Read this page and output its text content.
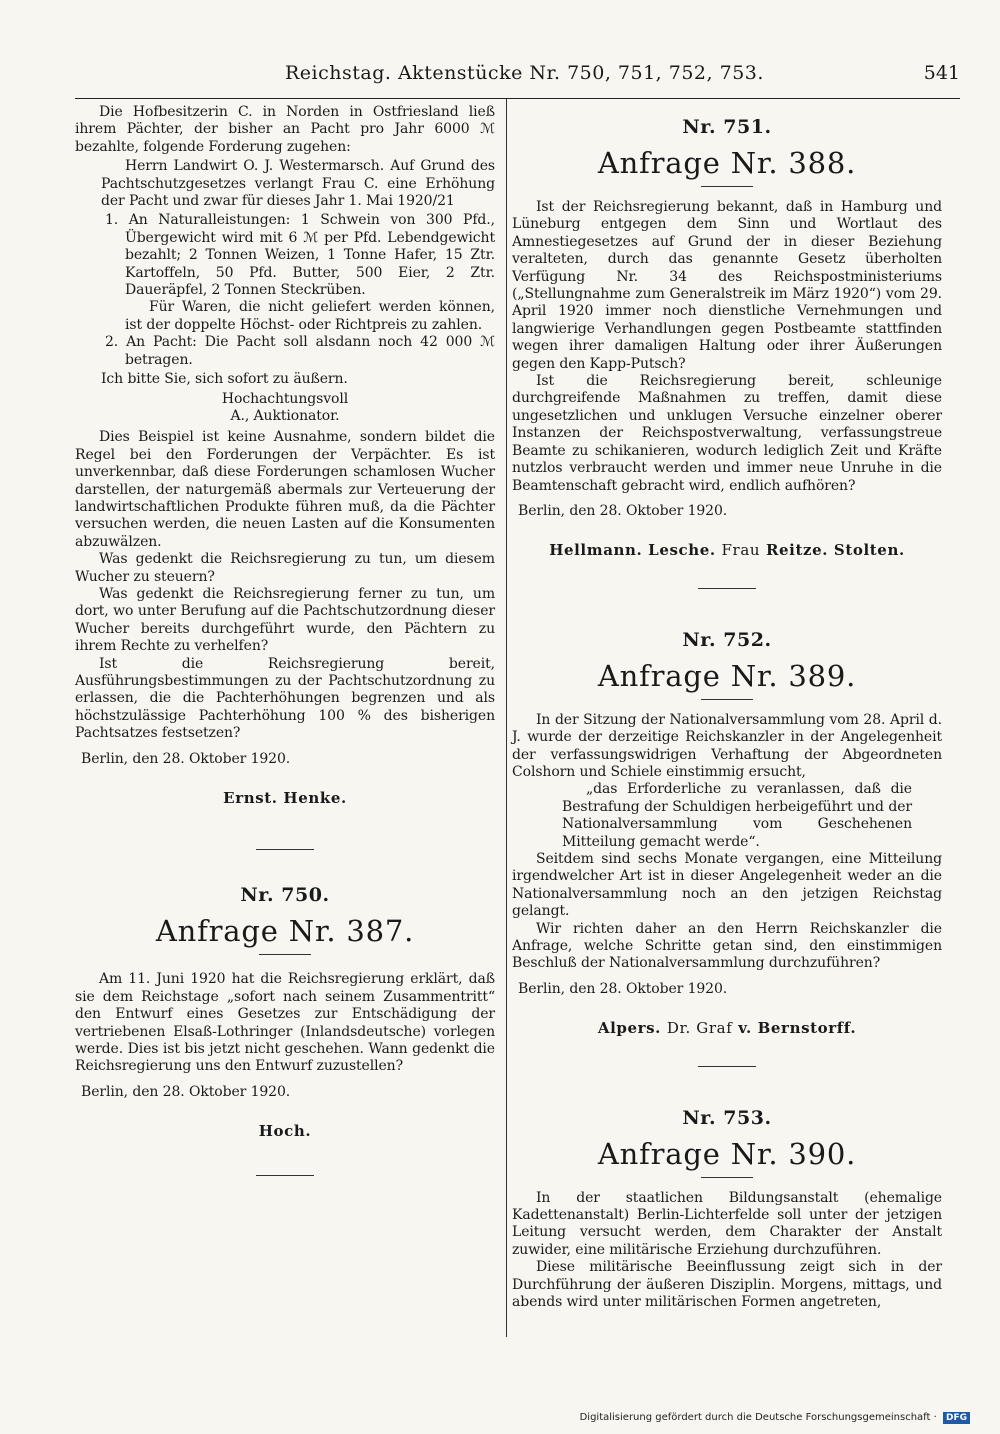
Reichstag. Aktenstücke Nr. 750, 751, 752, 753.	541

Die Hofbesitzerin C. in Norden in Ostfriesland ließ ihrem Pächter, der bisher an Pacht pro Jahr 6000 ℳ bezahlte, folgende Forderung zugehen:

Herrn Landwirt O. J. Westermarsch. Auf Grund des Pachtschutzgesetzes verlangt Frau C. eine Erhöhung der Pacht und zwar für dieses Jahr 1. Mai 1920/21

1. An Naturalleistungen: 1 Schwein von 300 Pfd., Übergewicht wird mit 6 ℳ per Pfd. Lebendgewicht bezahlt; 2 Tonnen Weizen, 1 Tonne Hafer, 15 Ztr. Kartoffeln, 50 Pfd. Butter, 500 Eier, 2 Ztr. Daueräpfel, 2 Tonnen Steckrüben.

Für Waren, die nicht geliefert werden können, ist der doppelte Höchst- oder Richtpreis zu zahlen.

2. An Pacht: Die Pacht soll alsdann noch 42 000 ℳ betragen.

Ich bitte Sie, sich sofort zu äußern.

Hochachtungsvoll

A., Auktionator.

Dies Beispiel ist keine Ausnahme, sondern bildet die Regel bei den Forderungen der Verpächter. Es ist unverkennbar, daß diese Forderungen schamlosen Wucher darstellen, der naturgemäß abermals zur Verteuerung der landwirtschaftlichen Produkte führen muß, da die Pächter versuchen werden, die neuen Lasten auf die Konsumenten abzuwälzen.

Was gedenkt die Reichsregierung zu tun, um diesem Wucher zu steuern?

Was gedenkt die Reichsregierung ferner zu tun, um dort, wo unter Berufung auf die Pachtschutzordnung dieser Wucher bereits durchgeführt wurde, den Pächtern zu ihrem Rechte zu verhelfen?

Ist die Reichsregierung bereit, Ausführungsbestimmungen zu der Pachtschutzordnung zu erlassen, die die Pachterhöhungen begrenzen und als höchstzulässige Pachterhöhung 100 % des bisherigen Pachtsatzes festsetzen?

Berlin, den 28. Oktober 1920.

Ernst. Henke.

Nr. 750.
Anfrage Nr. 387.

Am 11. Juni 1920 hat die Reichsregierung erklärt, daß sie dem Reichstage „sofort nach seinem Zusammentritt“ den Entwurf eines Gesetzes zur Entschädigung der vertriebenen Elsaß-Lothringer (Inlandsdeutsche) vorlegen werde. Dies ist bis jetzt nicht geschehen. Wann gedenkt die Reichsregierung uns den Entwurf zuzustellen?

Berlin, den 28. Oktober 1920.

Hoch.

Nr. 751.
Anfrage Nr. 388.

Ist der Reichsregierung bekannt, daß in Hamburg und Lüneburg entgegen dem Sinn und Wortlaut des Amnestiegesetzes auf Grund der in dieser Beziehung veralteten, durch das genannte Gesetz überholten Verfügung Nr. 34 des Reichspostministeriums („Stellungnahme zum Generalstreik im März 1920“) vom 29. April 1920 immer noch dienstliche Vernehmungen und langwierige Verhandlungen gegen Postbeamte stattfinden wegen ihrer damaligen Haltung oder ihrer Äußerungen gegen den Kapp-Putsch?

Ist die Reichsregierung bereit, schleunige durchgreifende Maßnahmen zu treffen, damit diese ungesetzlichen und unklugen Versuche einzelner oberer Instanzen der Reichspostverwaltung, verfassungstreue Beamte zu schikanieren, wodurch lediglich Zeit und Kräfte nutzlos verbraucht werden und immer neue Unruhe in die Beamtenschaft gebracht wird, endlich aufhören?

Berlin, den 28. Oktober 1920.

Hellmann. Lesche. Frau Reitze. Stolten.

Nr. 752.
Anfrage Nr. 389.

In der Sitzung der Nationalversammlung vom 28. April d. J. wurde der derzeitige Reichskanzler in der Angelegenheit der verfassungswidrigen Verhaftung der Abgeordneten Colshorn und Schiele einstimmig ersucht,

„das Erforderliche zu veranlassen, daß die Bestrafung der Schuldigen herbeigeführt und der Nationalversammlung vom Geschehenen Mitteilung gemacht werde“.

Seitdem sind sechs Monate vergangen, eine Mitteilung irgendwelcher Art ist in dieser Angelegenheit weder an die Nationalversammlung noch an den jetzigen Reichstag gelangt.

Wir richten daher an den Herrn Reichskanzler die Anfrage, welche Schritte getan sind, den einstimmigen Beschluß der Nationalversammlung durchzuführen?

Berlin, den 28. Oktober 1920.

Alpers. Dr. Graf v. Bernstorff.

Nr. 753.
Anfrage Nr. 390.

In der staatlichen Bildungsanstalt (ehemalige Kadettenanstalt) Berlin-Lichterfelde soll unter der jetzigen Leitung versucht werden, dem Charakter der Anstalt zuwider, eine militärische Erziehung durchzuführen.

Diese militärische Beeinflussung zeigt sich in der Durchführung der äußeren Disziplin. Morgens, mittags, und abends wird unter militärischen Formen angetreten,

Digitalisierung gefördert durch die Deutsche Forschungsgemeinschaft · DFG
